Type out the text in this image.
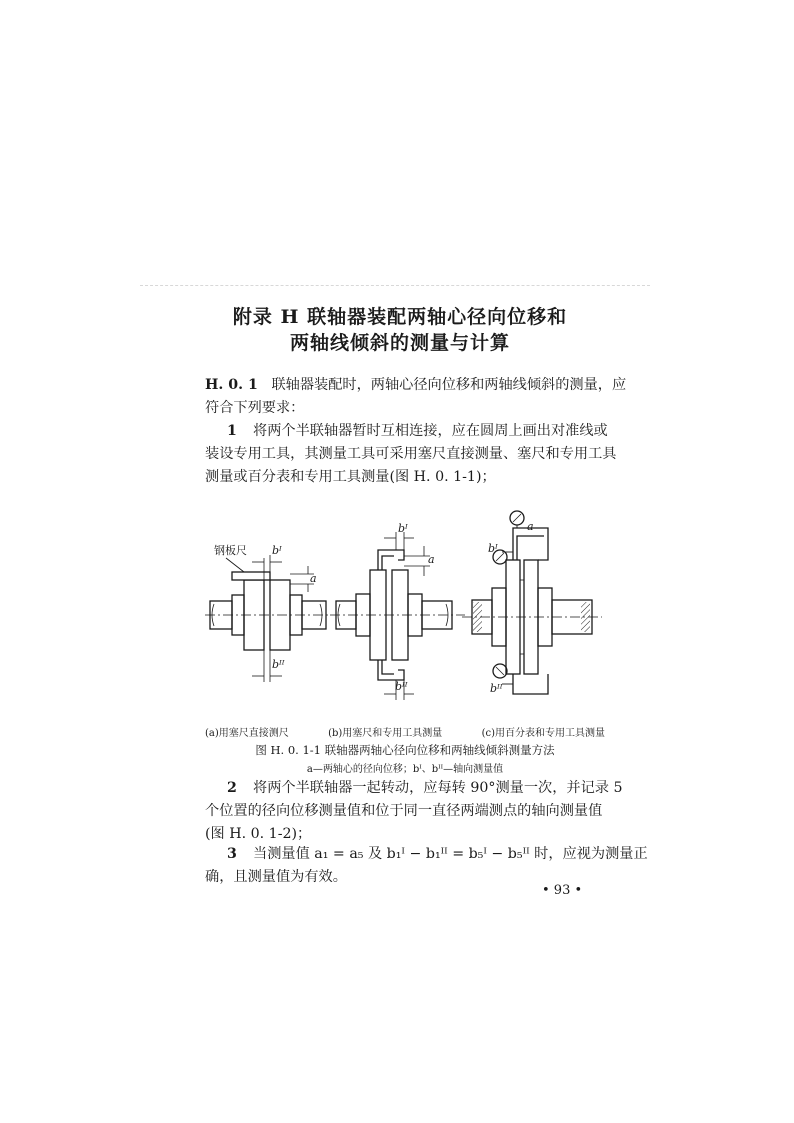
附录 H 联轴器装配两轴心径向位移和
两轴线倾斜的测量与计算
H. 0. 1 联轴器装配时，两轴心径向位移和两轴线倾斜的测量，应
符合下列要求：
1 将两个半联轴器暂时互相连接，应在圆周上画出对准线或
装设专用工具，其测量工具可采用塞尺直接测量、塞尺和专用工具
测量或百分表和专用工具测量(图 H. 0. 1-1)；
钢板尺 bᴵ
a
bᴵᴵ
bᴵ
a
bᴵᴵ
a
bᴵ
bᴵᴵ
(a)用塞尺直接测尺	(b)用塞尺和专用工具测量	(c)用百分表和专用工具测量
图 H. 0. 1-1 联轴器两轴心径向位移和两轴线倾斜测量方法
a—两轴心的径向位移；bᴵ、bᴵᴵ—轴向测量值
2 将两个半联轴器一起转动，应每转 90°测量一次，并记录 5
个位置的径向位移测量值和位于同一直径两端测点的轴向测量值
(图 H. 0. 1-2)；
3 当测量值 a₁ = a₅ 及 b₁ᴵ − b₁ᴵᴵ = b₅ᴵ − b₅ᴵᴵ 时，应视为测量正
确，且测量值为有效。
• 93 •
